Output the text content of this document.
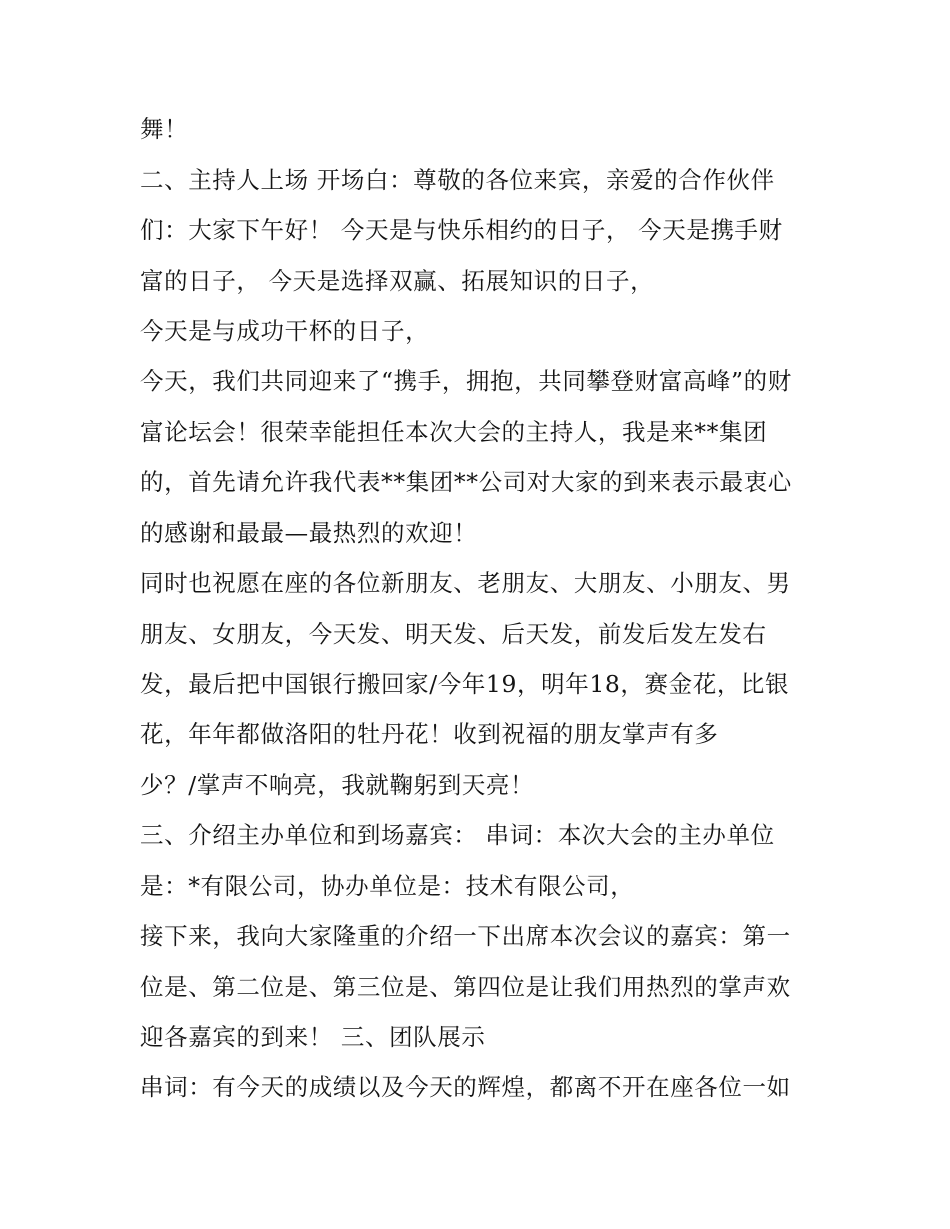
舞！
二、主持人上场 开场白：尊敬的各位来宾，亲爱的合作伙伴
们：大家下午好！ 今天是与快乐相约的日子， 今天是携手财
富的日子， 今天是选择双赢、拓展知识的日子，
今天是与成功干杯的日子，
今天，我们共同迎来了“携手，拥抱，共同攀登财富高峰”的财
富论坛会！很荣幸能担任本次大会的主持人，我是来**集团
的，首先请允许我代表**集团**公司对大家的到来表示最衷心
的感谢和最最—最热烈的欢迎！
同时也祝愿在座的各位新朋友、老朋友、大朋友、小朋友、男
朋友、女朋友，今天发、明天发、后天发，前发后发左发右
发，最后把中国银行搬回家/今年19，明年18，赛金花，比银
花，年年都做洛阳的牡丹花！收到祝福的朋友掌声有多
少？/掌声不响亮，我就鞠躬到天亮！
三、介绍主办单位和到场嘉宾： 串词：本次大会的主办单位
是：*有限公司，协办单位是：技术有限公司，
接下来，我向大家隆重的介绍一下出席本次会议的嘉宾：第一
位是、第二位是、第三位是、第四位是让我们用热烈的掌声欢
迎各嘉宾的到来！ 三、团队展示
串词：有今天的成绩以及今天的辉煌，都离不开在座各位一如
